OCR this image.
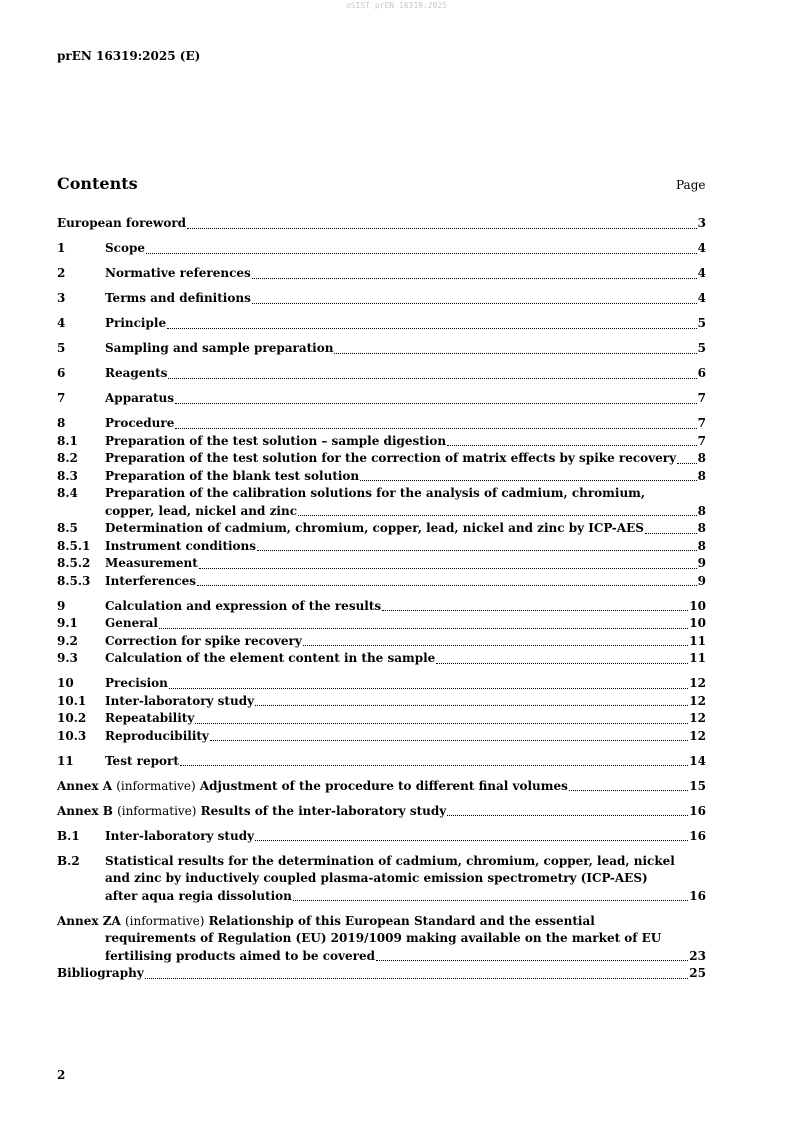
oSIST prEN 16319:2025
prEN 16319:2025 (E)
Contents	Page
European foreword	3
1	Scope	4
2	Normative references	4
3	Terms and definitions	4
4	Principle	5
5	Sampling and sample preparation	5
6	Reagents	6
7	Apparatus	7
8	Procedure	7
8.1	Preparation of the test solution – sample digestion	7
8.2	Preparation of the test solution for the correction of matrix effects by spike recovery 8
8.3	Preparation of the blank test solution	8
8.4	Preparation of the calibration solutions for the analysis of cadmium, chromium,
copper, lead, nickel and zinc	8
8.5	Determination of cadmium, chromium, copper, lead, nickel and zinc by ICP-AES	8
8.5.1	Instrument conditions	8
8.5.2	Measurement	9
8.5.3	Interferences	9
9	Calculation and expression of the results	10
9.1	General	10
9.2	Correction for spike recovery	11
9.3	Calculation of the element content in the sample	11
10	Precision	12
10.1	Inter-laboratory study	12
10.2	Repeatability	12
10.3	Reproducibility	12
11	Test report	14
Annex A (informative) Adjustment of the procedure to different final volumes	15
Annex B (informative) Results of the inter-laboratory study	16
B.1	Inter-laboratory study	16
B.2	Statistical results for the determination of cadmium, chromium, copper, lead, nickel
and zinc by inductively coupled plasma-atomic emission spectrometry (ICP-AES)
after aqua regia dissolution	16
Annex ZA (informative) Relationship of this European Standard and the essential
requirements of Regulation (EU) 2019/1009 making available on the market of EU
fertilising products aimed to be covered	23
Bibliography	25
2
